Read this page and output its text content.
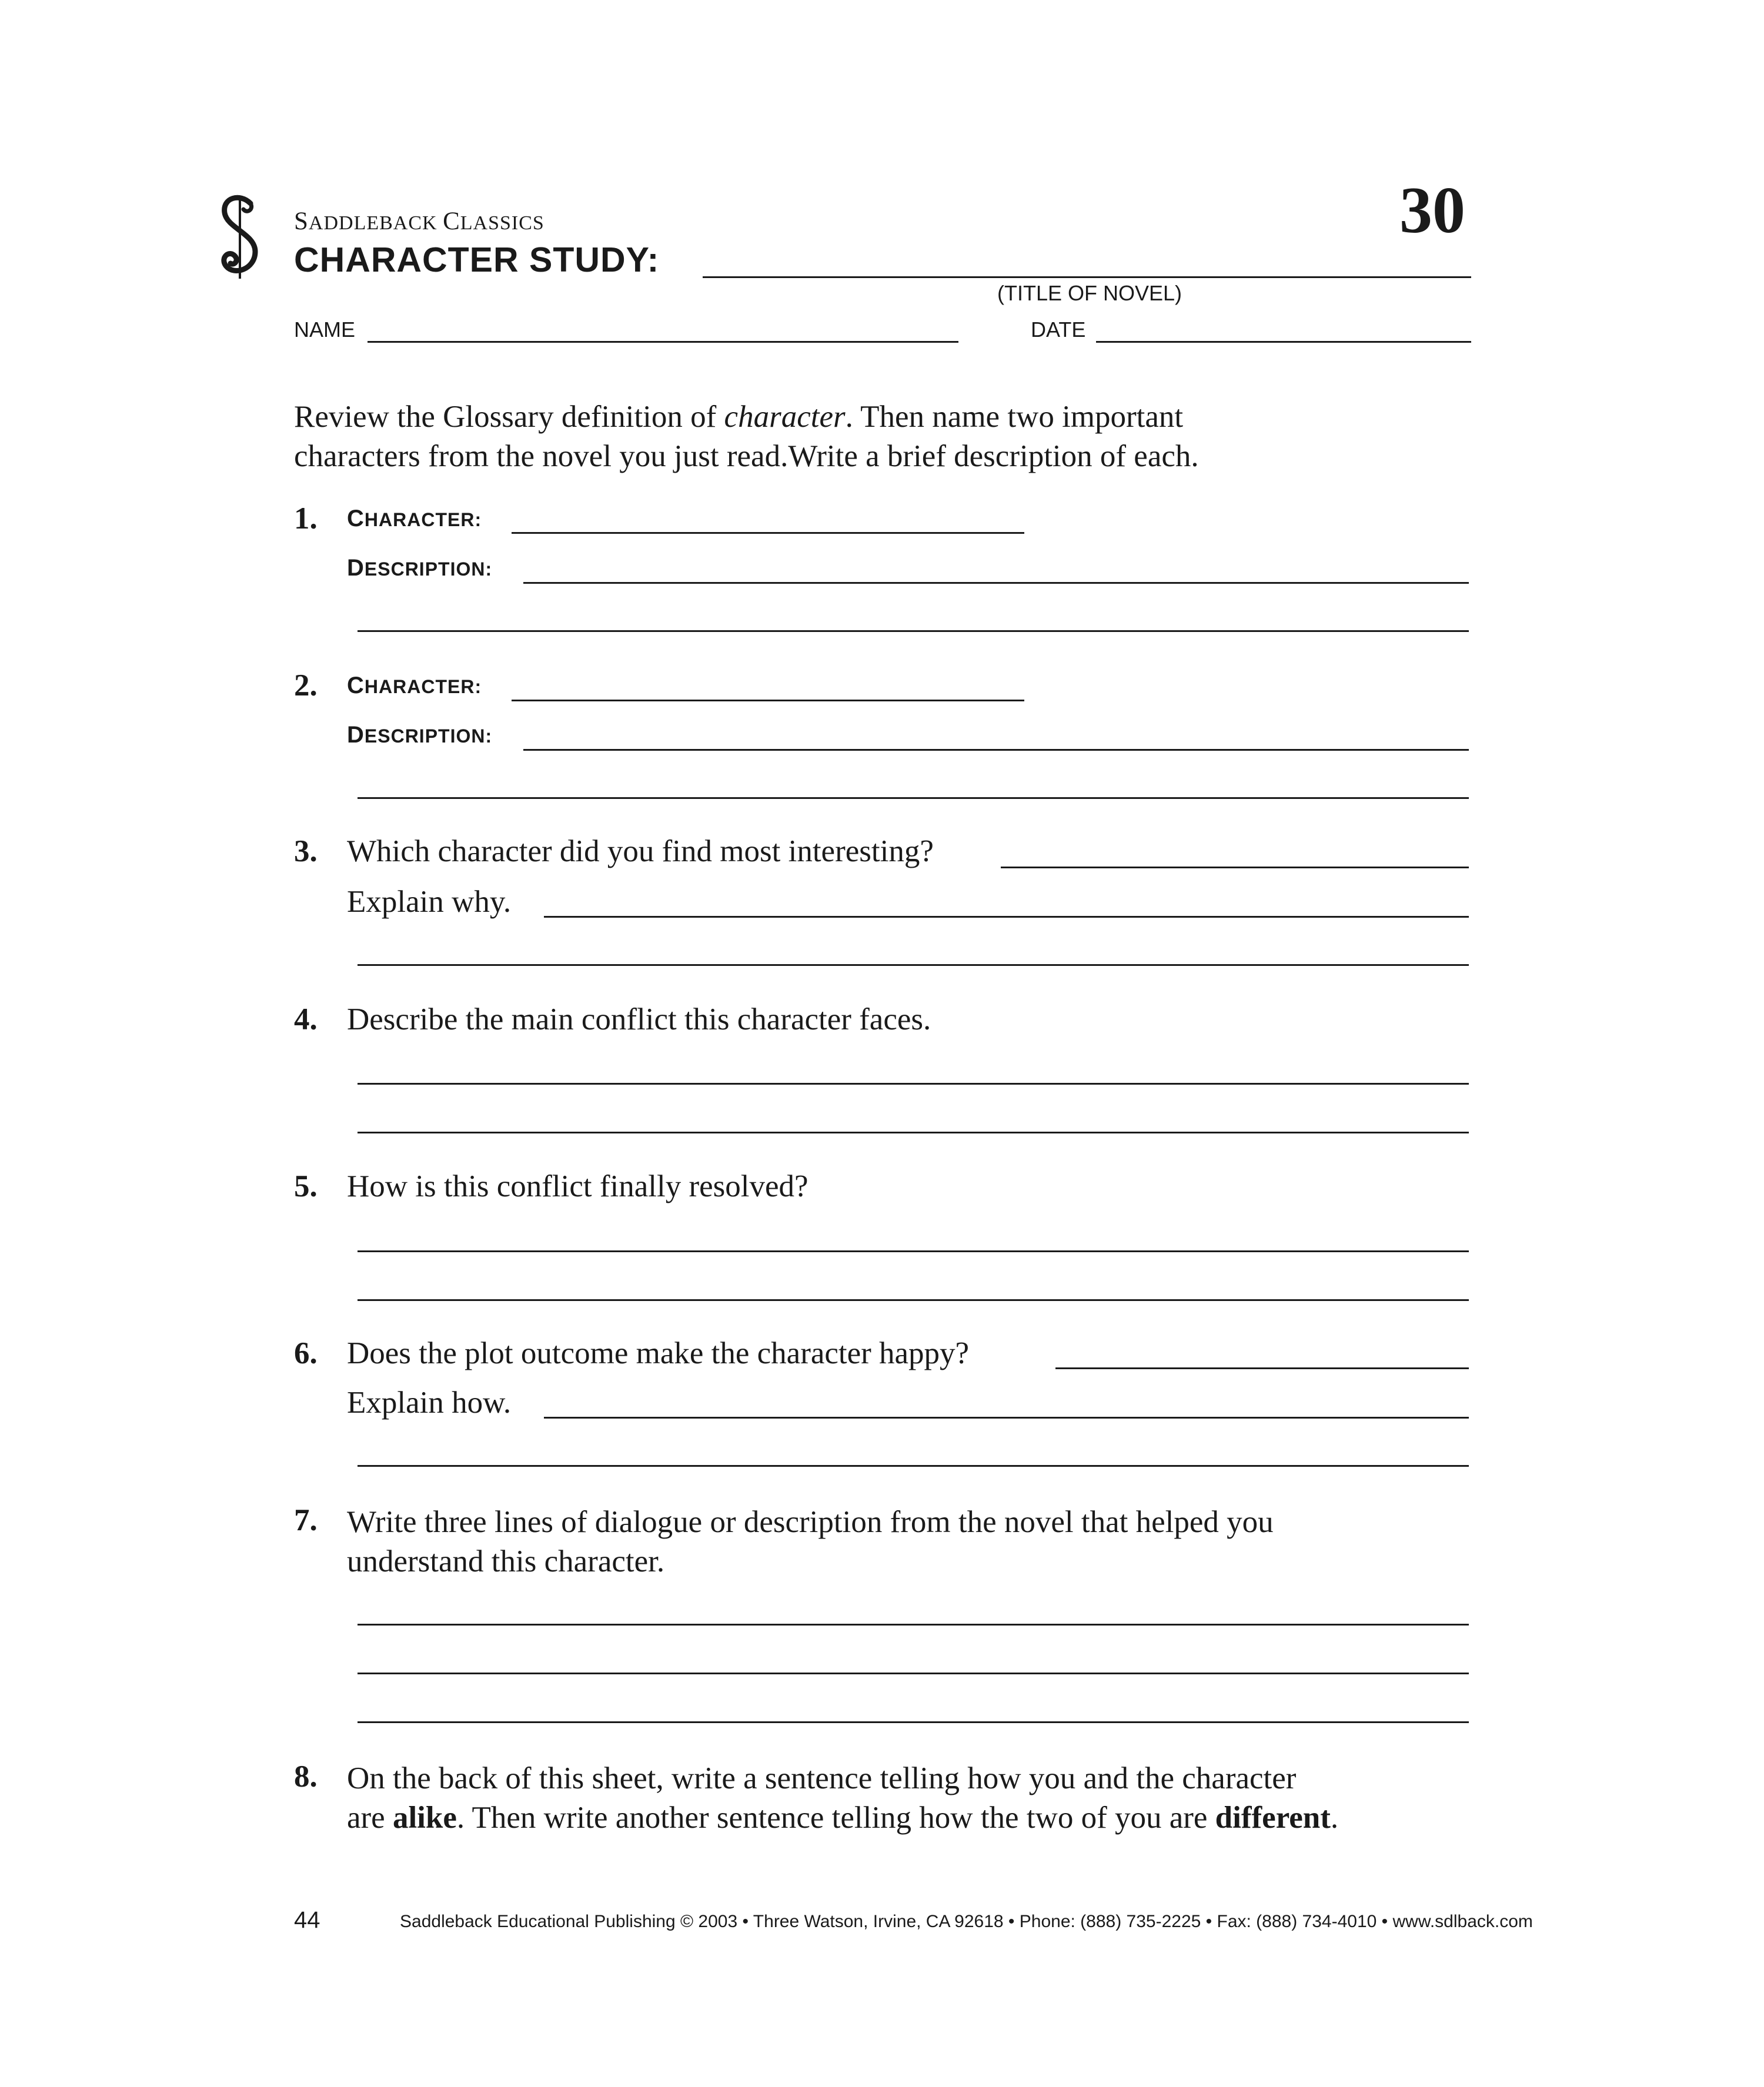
SADDLEBACK CLASSICS
CHARACTER STUDY:
(TITLE OF NOVEL)
30
NAME	DATE
Review the Glossary definition of character. Then name two important
characters from the novel you just read.Write a brief description of each.
1. CHARACTER:
DESCRIPTION:
2. CHARACTER:
DESCRIPTION:
3. Which character did you find most interesting?
Explain why.
4. Describe the main conflict this character faces.
5. How is this conflict finally resolved?
6. Does the plot outcome make the character happy?
Explain how.
7. Write three lines of dialogue or description from the novel that helped you
understand this character.
8. On the back of this sheet, write a sentence telling how you and the character
are alike. Then write another sentence telling how the two of you are different.
44	Saddleback Educational Publishing © 2003 • Three Watson, Irvine, CA 92618 • Phone: (888) 735-2225 • Fax: (888) 734-4010 • www.sdlback.com
